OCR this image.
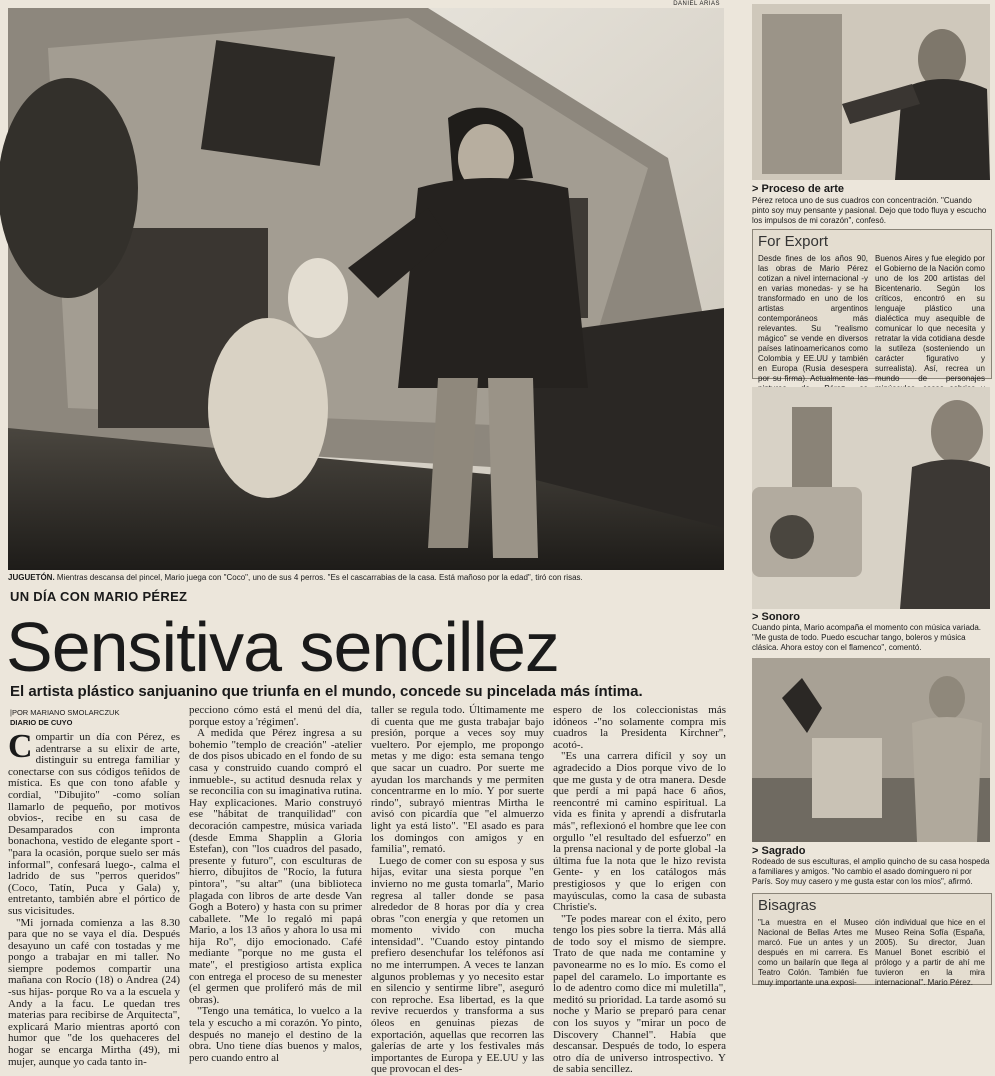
DANIEL ARIAS
JUGUETÓN. Mientras descansa del pincel, Mario juega con "Coco", uno de sus 4 perros. "Es el cascarrabias de la casa. Está mañoso por la edad", tiró con risas.
UN DÍA CON MARIO PÉREZ
Sensitiva sencillez
El artista plástico sanjuanino que triunfa en el mundo, concede su pincelada más íntima.
|POR MARIANO SMOLARCZUK
DIARIO DE CUYO
C ompartir un día con Pérez, es adentrarse a su elixir de arte, distinguir su entrega familiar y conectarse con sus códigos teñidos de mística. Es que con tono afable y cordial, "Dibujito" -como solían llamarlo de pequeño, por motivos obvios-, recibe en su casa de Desamparados con impronta bonachona, vestido de elegante sport -"para la ocasión, porque suelo ser más informal", confesará luego-, calma el ladrido de sus "perros queridos" (Coco, Tatín, Puca y Gala) y, entretanto, también abre el pórtico de sus vicisitudes.

"Mi jornada comienza a las 8.30 para que no se vaya el día. Después desayuno un café con tostadas y me pongo a trabajar en mi taller. No siempre podemos compartir una mañana con Rocío (18) o Andrea (24) -sus hijas- porque Ro va a la escuela y Andy a la facu. Le quedan tres materias para recibirse de Arquitecta", explicará Mario mientras aportó con humor que "de los quehaceres del hogar se encarga Mirtha (49), mi mujer, aunque yo cada tanto in-

pecciono cómo está el menú del día, porque estoy a 'régimen'.

A medida que Pérez ingresa a su bohemio "templo de creación" -atelier de dos pisos ubicado en el fondo de su casa y construido cuando compró el inmueble-, su actitud desnuda relax y se reconcilia con su imaginativa rutina. Hay explicaciones. Mario construyó ese "hábitat de tranquilidad" con decoración campestre, música variada (desde Emma Shapplin a Gloria Estefan), con "los cuadros del pasado, presente y futuro", con esculturas de hierro, dibujitos de "Rocío, la futura pintora", "su altar" (una biblioteca plagada con libros de arte desde Van Gogh a Botero) y hasta con su primer caballete. "Me lo regaló mi papá Mario, a los 13 años y ahora lo usa mi hija Ro", dijo emocionado. Café mediante "porque no me gusta el mate", el prestigioso artista explica con entrega el proceso de su menester (el germen que proliferó más de mil obras).

"Tengo una temática, lo vuelco a la tela y escucho a mi corazón. Yo pinto, después no manejo el destino de la obra. Uno tiene días buenos y malos, pero cuando entro al

taller se regula todo. Últimamente me di cuenta que me gusta trabajar bajo presión, porque a veces soy muy vueltero. Por ejemplo, me propongo metas y me digo: esta semana tengo que sacar un cuadro. Por suerte me ayudan los marchands y me permiten concentrarme en lo mío. Y por suerte rindo", subrayó mientras Mirtha le avisó con picardía que "el almuerzo light ya está listo". "El asado es para los domingos con amigos y en familia", remató.

Luego de comer con su esposa y sus hijas, evitar una siesta porque "en invierno no me gusta tomarla", Mario regresa al taller donde se pasa alrededor de 8 horas por día y crea obras "con energía y que retomen un momento vivido con mucha intensidad". "Cuando estoy pintando prefiero desenchufar los teléfonos así no me interrumpen. A veces te lanzan algunos problemas y yo necesito estar en silencio y sentirme libre", aseguró con reproche. Esa libertad, es la que revive recuerdos y transforma a sus óleos en genuinas piezas de exportación, aquellas que recorren las galerías de arte y los festivales más importantes de Europa y EE.UU y las que provocan el des-

espero de los coleccionistas más idóneos -"no solamente compra mis cuadros la Presidenta Kirchner", acotó-.

"Es una carrera difícil y soy un agradecido a Dios porque vivo de lo que me gusta y de otra manera. Desde que perdí a mi papá hace 6 años, reencontré mi camino espiritual. La vida es finita y aprendí a disfrutarla más", reflexionó el hombre que lee con orgullo "el resultado del esfuerzo" en la prensa nacional y de porte global -la última fue la nota que le hizo revista Gente- y en los catálogos más prestigiosos y que lo erigen con mayúsculas, como la casa de subasta Christie's.

"Te podes marear con el éxito, pero tengo los pies sobre la tierra. Más allá de todo soy el mismo de siempre. Trato de que nada me contamine y pavonearme no es lo mío. Es como el papel del caramelo. Lo importante es lo de adentro como dice mi muletilla", meditó su prioridad. La tarde asomó su noche y Mario se preparó para cenar con los suyos y "mirar un poco de Discovery Channel". Había que descansar. Después de todo, lo espera otro día de universo introspectivo. Y de sabia sencillez.

> Proceso de arte
Pérez retoca uno de sus cuadros con concentración. "Cuando pinto soy muy pensante y pasional. Dejo que todo fluya y escucho los impulsos de mi corazón", confesó.
For Export
Desde fines de los años 90, las obras de Mario Pérez cotizan a nivel internacional -y en varias monedas- y se ha transformado en uno de los artistas argentinos contemporáneos más relevantes. Su "realismo mágico" se vende en diversos países latinoamericanos como Colombia y EE.UU y también en Europa (Rusia desespera por su firma). Actualmente las
Buenos Aires y fue elegido por el Gobierno de la Nación como uno de los 200 artistas del Bicentenario. Según los críticos, encontró en su lenguaje plástico una dialéctica muy asequible de comunicar lo que necesita y retratar la vida cotidiana desde la sutileza (sosteniendo un carácter figurativo y surrealista). Así, recrea un mundo de personajes
> Sonoro
Cuando pinta, Mario acompaña el momento con música variada. "Me gusta de todo. Puedo escuchar tango, boleros y música clásica. Ahora estoy con el flamenco", comentó.
> Sagrado
Rodeado de sus esculturas, el amplio quincho de su casa hospeda a familiares y amigos. "No cambio el asado dominguero ni por París. Soy muy casero y me gusta estar con los míos", afirmó.
Bisagras
"La muestra en el Museo Nacional de Bellas Artes me marcó. Fue un antes y un después en mi carrera. Es como un bailarín que llega al Teatro Colón. También fue muy importante una exposi-
ción individual que hice en el Museo Reina Sofía (España, 2005). Su director, Juan Manuel Bonet escribió el prólogo y a partir de ahí me tuvieron en la mira internacional". Mario Pérez.
